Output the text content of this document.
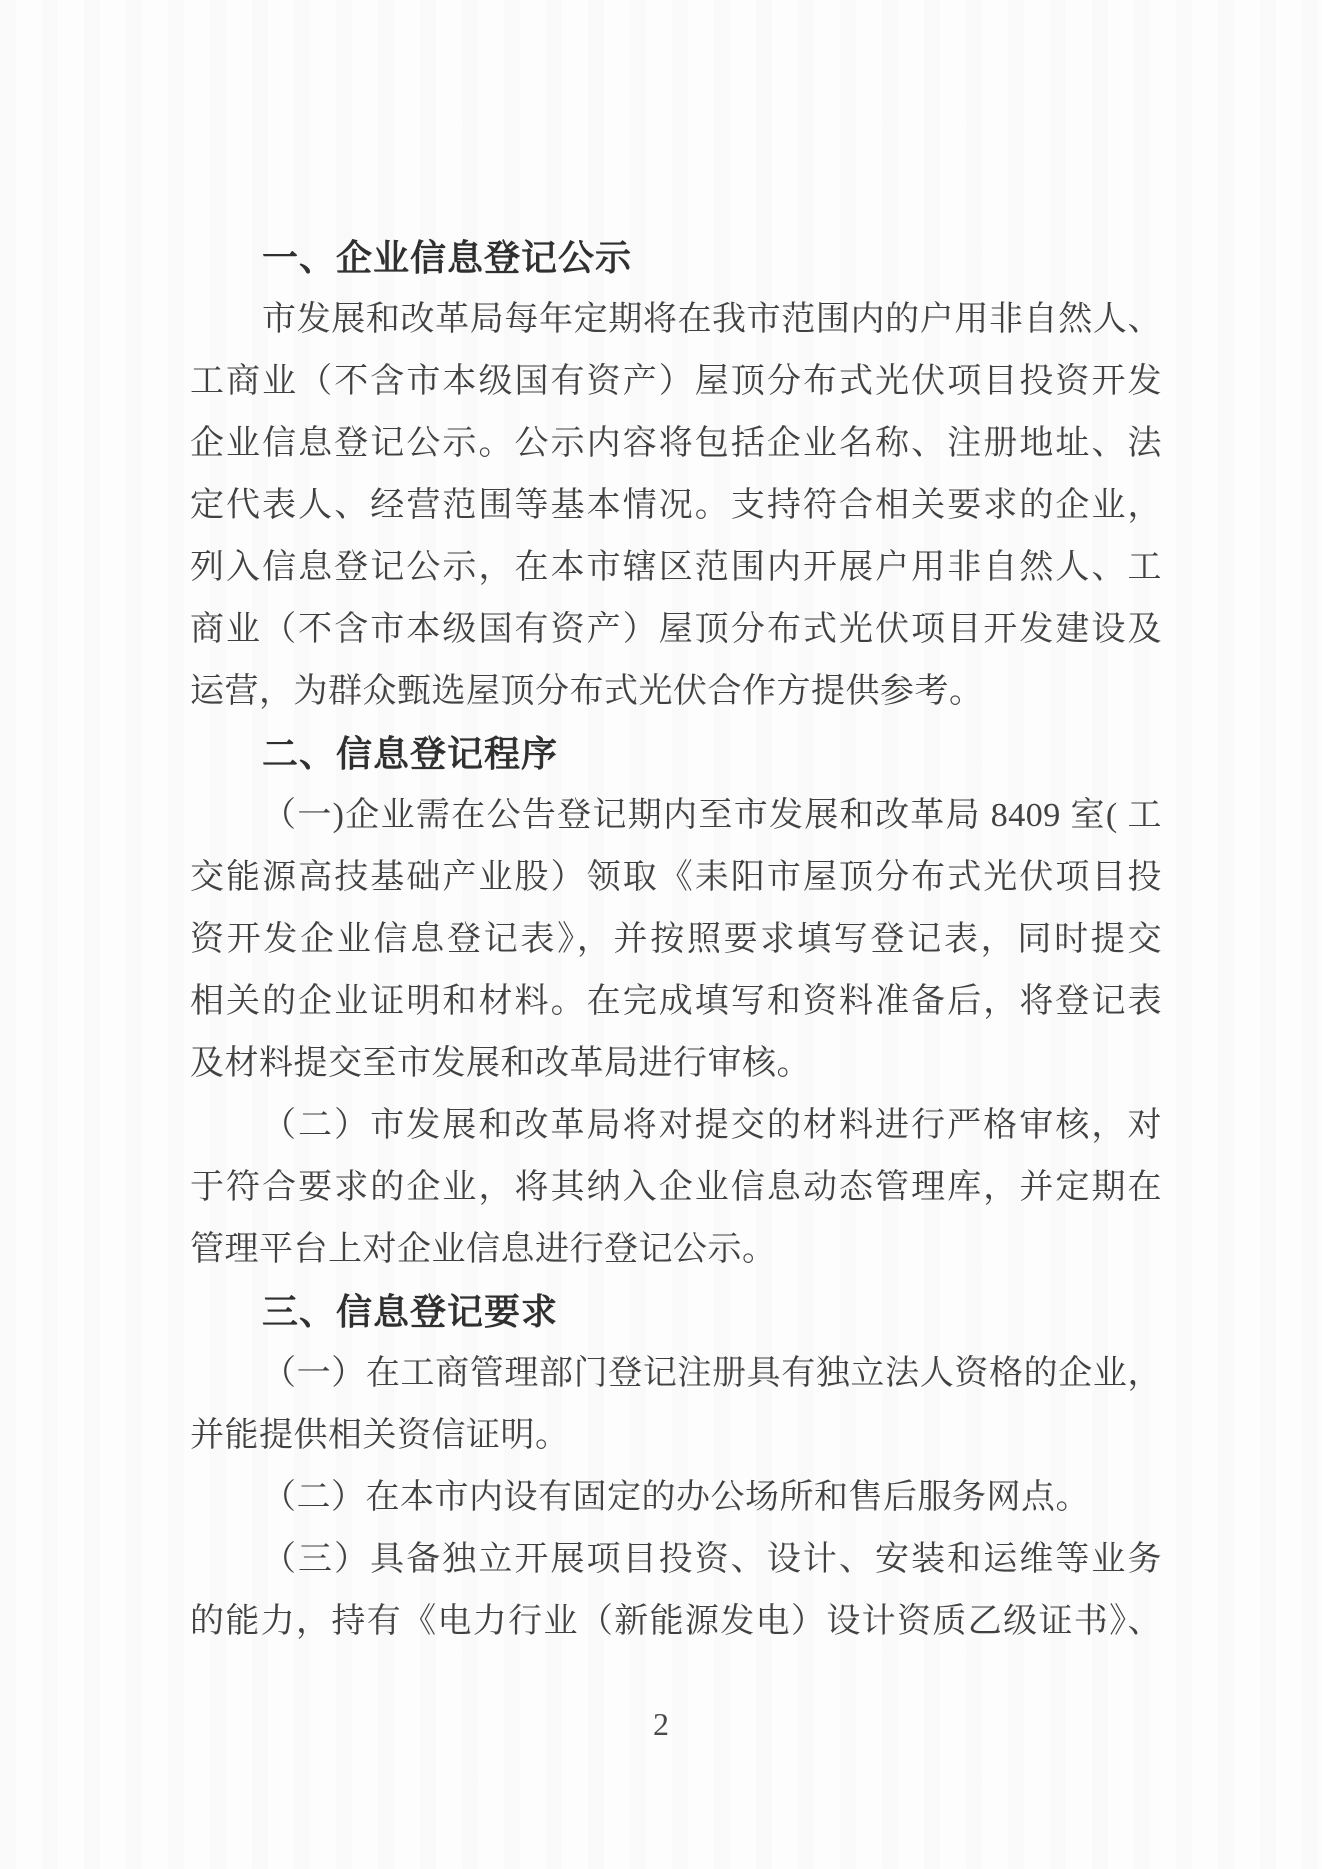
一、企业信息登记公示
市发展和改革局每年定期将在我市范围内的户用非自然人、
工商业（不含市本级国有资产）屋顶分布式光伏项目投资开发
企业信息登记公示。公示内容将包括企业名称、注册地址、法
定代表人、经营范围等基本情况。支持符合相关要求的企业，
列入信息登记公示，在本市辖区范围内开展户用非自然人、工
商业（不含市本级国有资产）屋顶分布式光伏项目开发建设及
运营，为群众甄选屋顶分布式光伏合作方提供参考。
二、信息登记程序
（一)企业需在公告登记期内至市发展和改革局 8409 室( 工
交能源高技基础产业股）领取《耒阳市屋顶分布式光伏项目投
资开发企业信息登记表》，并按照要求填写登记表，同时提交
相关的企业证明和材料。在完成填写和资料准备后，将登记表
及材料提交至市发展和改革局进行审核。
（二）市发展和改革局将对提交的材料进行严格审核，对
于符合要求的企业，将其纳入企业信息动态管理库，并定期在
管理平台上对企业信息进行登记公示。
三、信息登记要求
（一）在工商管理部门登记注册具有独立法人资格的企业，
并能提供相关资信证明。
（二）在本市内设有固定的办公场所和售后服务网点。
（三）具备独立开展项目投资、设计、安装和运维等业务
的能力，持有《电力行业（新能源发电）设计资质乙级证书》、
2
